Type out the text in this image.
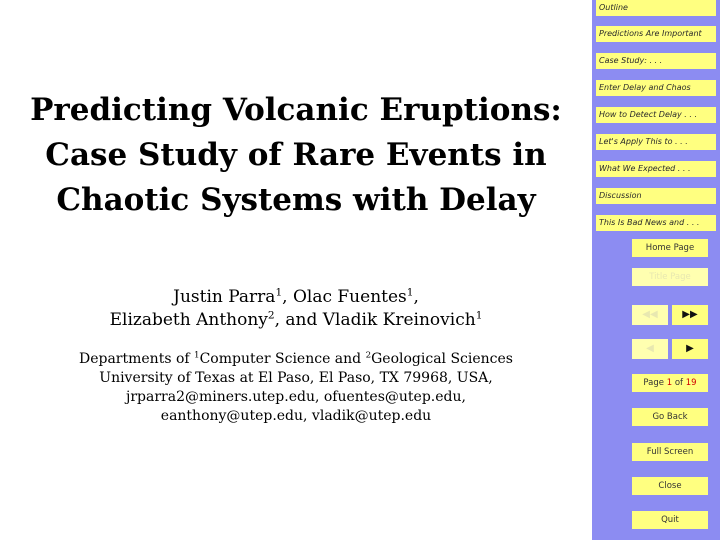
Predicting Volcanic Eruptions: Case Study of Rare Events in Chaotic Systems with Delay
Justin Parra$^1$, Olac Fuentes$^1$,
Elizabeth Anthony$^2$, and Vladik Kreinovich$^1$
Departments of $^1$Computer Science and $^2$Geological Sciences
University of Texas at El Paso, El Paso, TX 79968, USA,
jrparra2@miners.utep.edu, ofuentes@utep.edu,
eanthony@utep.edu, vladik@utep.edu
Outline
Predictions Are Important
Case Study: . . .
Enter Delay and Chaos
How to Detect Delay . . .
Let's Apply This to . . .
What We Expected . . .
Discussion
This Is Bad News and . . .
Home Page
Title Page
◀◀	▶▶
◀	▶
Page 1 of 19
Go Back
Full Screen
Close
Quit
